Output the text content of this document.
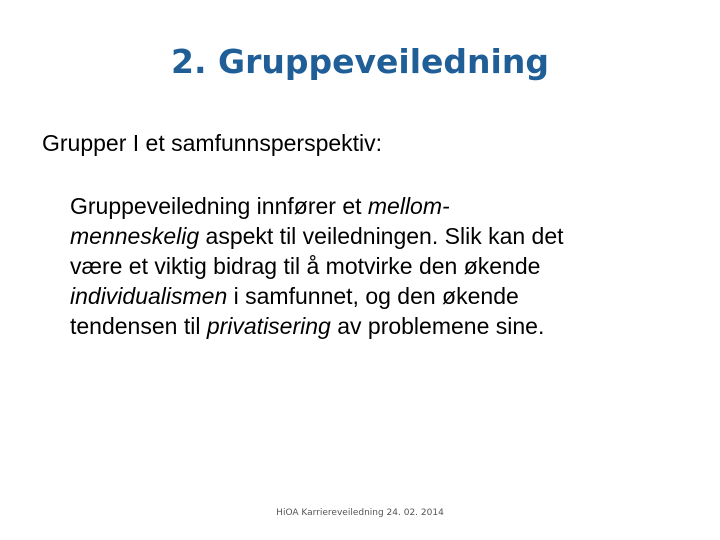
2. Gruppeveiledning
Grupper I et samfunnsperspektiv:
Gruppeveiledning innfører et mellom-
menneskelig aspekt til veiledningen. Slik kan det
være et viktig bidrag til å motvirke den økende
individualismen i samfunnet, og den økende
tendensen til privatisering av problemene sine.
HiOA Karriereveiledning 24. 02. 2014
